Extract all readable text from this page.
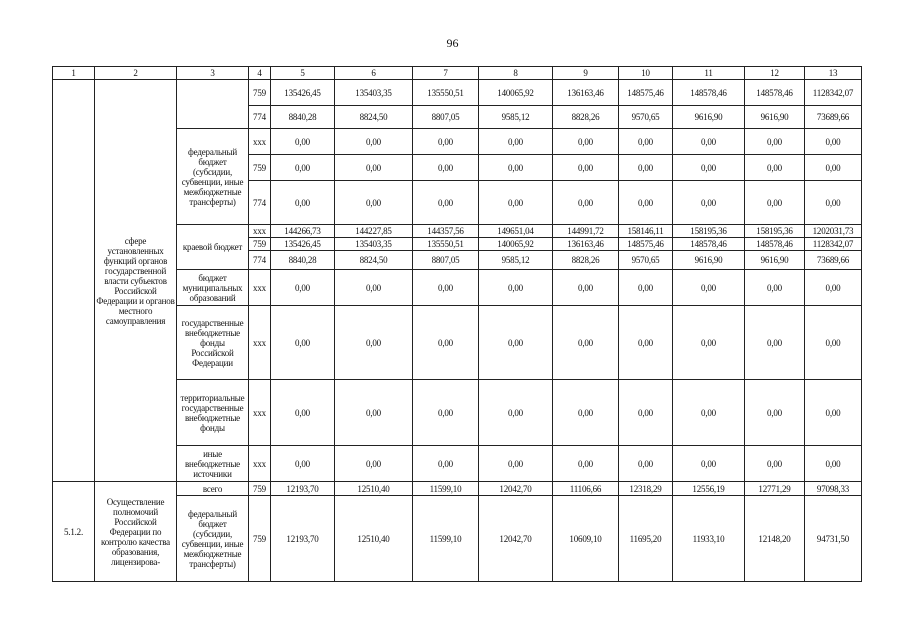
96
1	2	3	4	5	6	7	8	9	10	11	12	13
	сфере установленных функций органов государственной власти субъектов Российской Федерации и органов местного самоуправления		759	135426,45	135403,35	135550,51	140065,92	136163,46	148575,46	148578,46	148578,46	1128342,07
			774	8840,28	8824,50	8807,05	9585,12	8828,26	9570,65	9616,90	9616,90	73689,66
		федеральный бюджет (субсидии, субвенции, иные межбюджетные трансферты)	ххх	0,00	0,00	0,00	0,00	0,00	0,00	0,00	0,00	0,00
			759	0,00	0,00	0,00	0,00	0,00	0,00	0,00	0,00	0,00
			774	0,00	0,00	0,00	0,00	0,00	0,00	0,00	0,00	0,00
		краевой бюджет	ххх	144266,73	144227,85	144357,56	149651,04	144991,72	158146,11	158195,36	158195,36	1202031,73
			759	135426,45	135403,35	135550,51	140065,92	136163,46	148575,46	148578,46	148578,46	1128342,07
			774	8840,28	8824,50	8807,05	9585,12	8828,26	9570,65	9616,90	9616,90	73689,66
		бюджет муниципальных образований	ххх	0,00	0,00	0,00	0,00	0,00	0,00	0,00	0,00	0,00
		государственные внебюджетные фонды Российской Федерации	ххх	0,00	0,00	0,00	0,00	0,00	0,00	0,00	0,00	0,00
		территориальные государственные внебюджетные фонды	ххх	0,00	0,00	0,00	0,00	0,00	0,00	0,00	0,00	0,00
		иные внебюджетные источники	ххх	0,00	0,00	0,00	0,00	0,00	0,00	0,00	0,00	0,00
5.1.2.	Осуществление полномочий Российской Федерации по контролю качества образования, лицензирова-	всего	759	12193,70	12510,40	11599,10	12042,70	11106,66	12318,29	12556,19	12771,29	97098,33
		федеральный бюджет (субсидии, субвенции, иные межбюджетные трансферты)	759	12193,70	12510,40	11599,10	12042,70	10609,10	11695,20	11933,10	12148,20	94731,50
